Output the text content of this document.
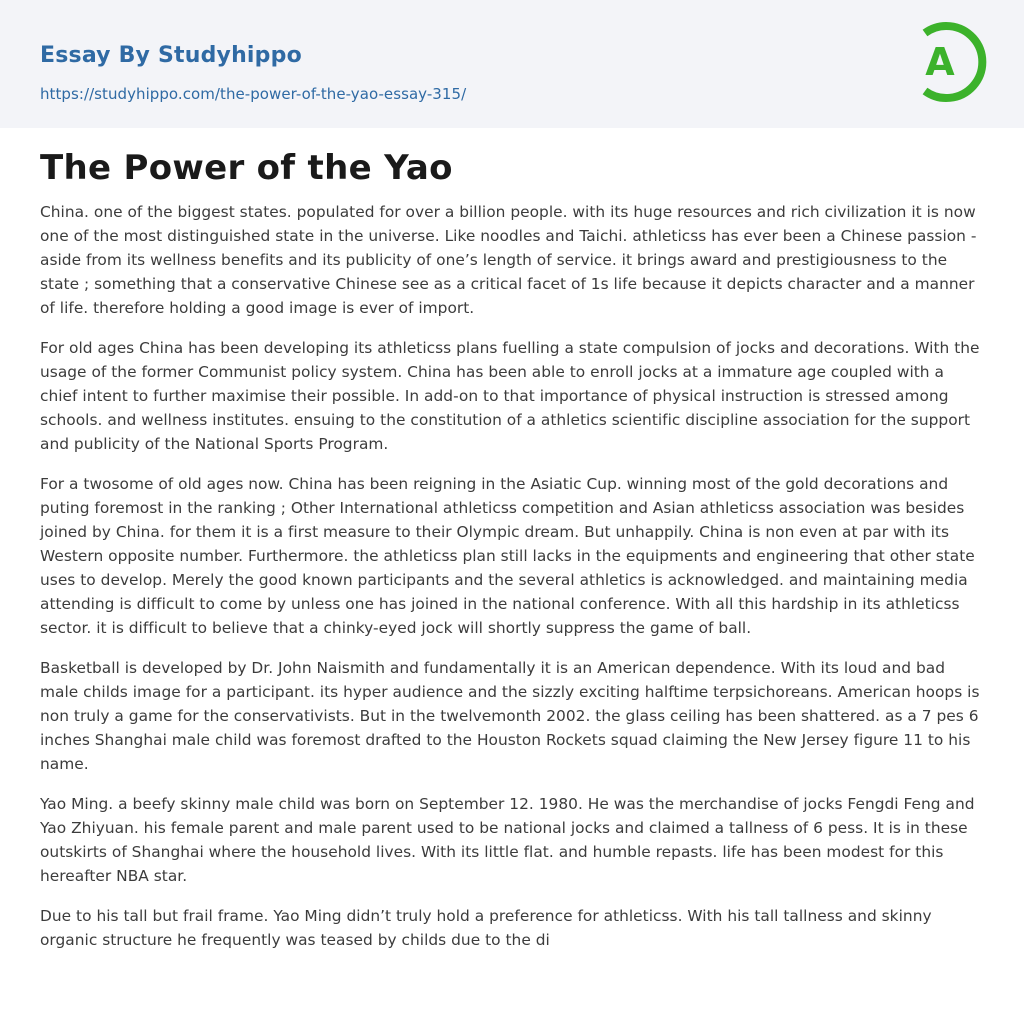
Essay By Studyhippo
https://studyhippo.com/the-power-of-the-yao-essay-315/
A
The Power of the Yao

China. one of the biggest states. populated for over a billion people. with its huge resources and rich civilization it is now one of the most distinguished state in the universe. Like noodles and Taichi. athleticss has ever been a Chinese passion -aside from its wellness benefits and its publicity of one’s length of service. it brings award and prestigiousness to the state ; something that a conservative Chinese see as a critical facet of 1s life because it depicts character and a manner of life. therefore holding a good image is ever of import.

For old ages China has been developing its athleticss plans fuelling a state compulsion of jocks and decorations. With the usage of the former Communist policy system. China has been able to enroll jocks at a immature age coupled with a chief intent to further maximise their possible. In add-on to that importance of physical instruction is stressed among schools. and wellness institutes. ensuing to the constitution of a athletics scientific discipline association for the support and publicity of the National Sports Program.

For a twosome of old ages now. China has been reigning in the Asiatic Cup. winning most of the gold decorations and puting foremost in the ranking ; Other International athleticss competition and Asian athleticss association was besides joined by China. for them it is a first measure to their Olympic dream. But unhappily. China is non even at par with its Western opposite number. Furthermore. the athleticss plan still lacks in the equipments and engineering that other state uses to develop. Merely the good known participants and the several athletics is acknowledged. and maintaining media attending is difficult to come by unless one has joined in the national conference. With all this hardship in its athleticss sector. it is difficult to believe that a chinky-eyed jock will shortly suppress the game of ball.

Basketball is developed by Dr. John Naismith and fundamentally it is an American dependence. With its loud and bad male childs image for a participant. its hyper audience and the sizzly exciting halftime terpsichoreans. American hoops is non truly a game for the conservativists. But in the twelvemonth 2002. the glass ceiling has been shattered. as a 7 pes 6 inches Shanghai male child was foremost drafted to the Houston Rockets squad claiming the New Jersey figure 11 to his name.

Yao Ming. a beefy skinny male child was born on September 12. 1980. He was the merchandise of jocks Fengdi Feng and Yao Zhiyuan. his female parent and male parent used to be national jocks and claimed a tallness of 6 pess. It is in these outskirts of Shanghai where the household lives. With its little flat. and humble repasts. life has been modest for this hereafter NBA star.

Due to his tall but frail frame. Yao Ming didn’t truly hold a preference for athleticss. With his tall tallness and skinny organic structure he frequently was teased by childs due to the di
